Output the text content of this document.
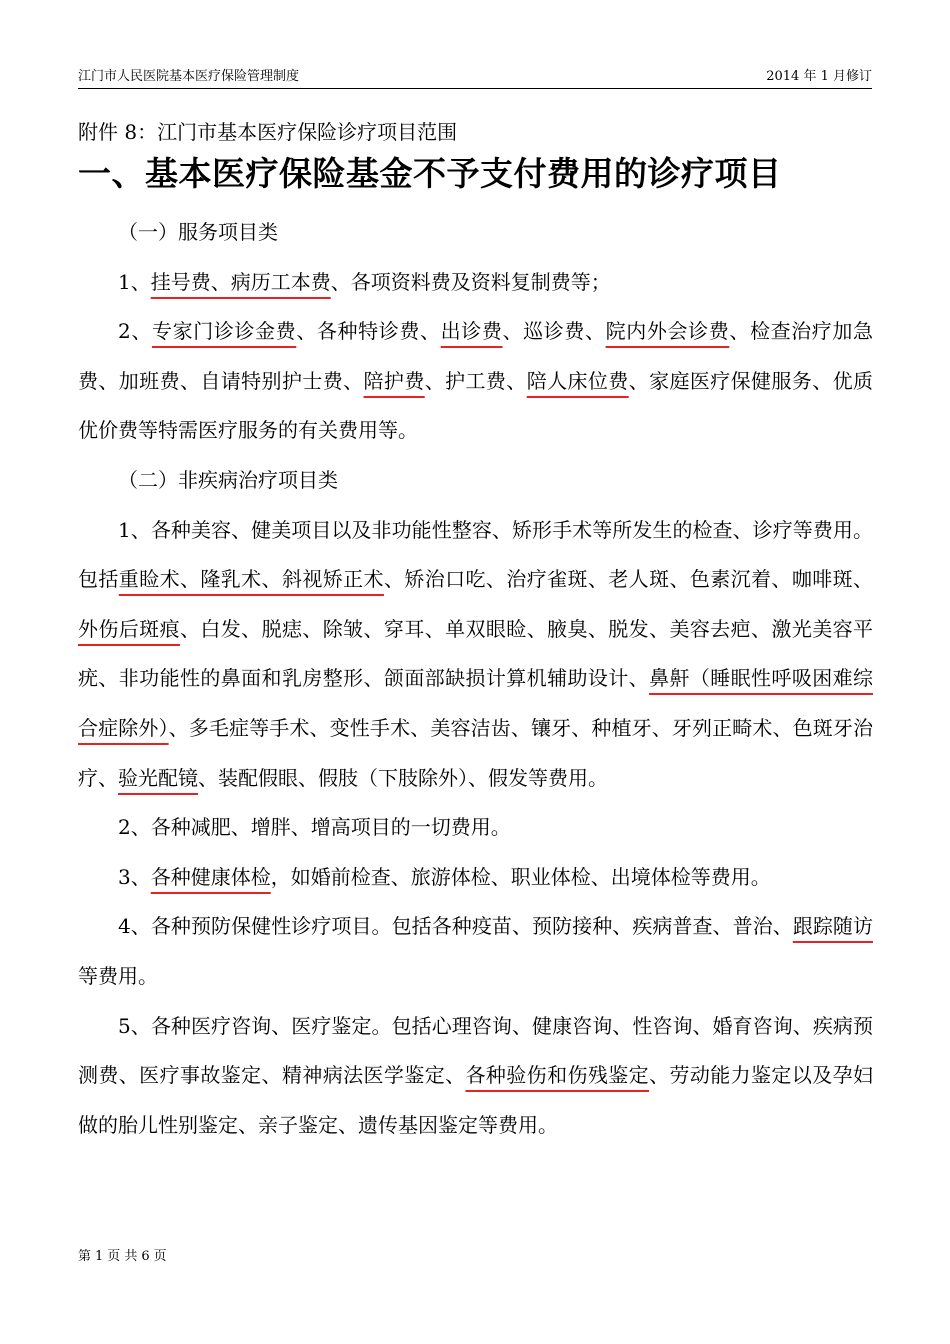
江门市人民医院基本医疗保险管理制度	2014 年 1 月修订
附件 8：江门市基本医疗保险诊疗项目范围
一、基本医疗保险基金不予支付费用的诊疗项目

（一）服务项目类

1、挂号费、病历工本费、各项资料费及资料复制费等；

2、专家门诊诊金费、各种特诊费、出诊费、巡诊费、院内外会诊费、检查治疗加急费、加班费、自请特别护士费、陪护费、护工费、陪人床位费、家庭医疗保健服务、优质优价费等特需医疗服务的有关费用等。

（二）非疾病治疗项目类

1、各种美容、健美项目以及非功能性整容、矫形手术等所发生的检查、诊疗等费用。包括重睑术、隆乳术、斜视矫正术、矫治口吃、治疗雀斑、老人斑、色素沉着、咖啡斑、外伤后斑痕、白发、脱痣、除皱、穿耳、单双眼睑、腋臭、脱发、美容去疤、激光美容平疣、非功能性的鼻面和乳房整形、颌面部缺损计算机辅助设计、鼻鼾（睡眠性呼吸困难综合症除外）、多毛症等手术、变性手术、美容洁齿、镶牙、种植牙、牙列正畸术、色斑牙治疗、验光配镜、装配假眼、假肢（下肢除外）、假发等费用。

2、各种减肥、增胖、增高项目的一切费用。

3、各种健康体检，如婚前检查、旅游体检、职业体检、出境体检等费用。

4、各种预防保健性诊疗项目。包括各种疫苗、预防接种、疾病普查、普治、跟踪随访等费用。

5、各种医疗咨询、医疗鉴定。包括心理咨询、健康咨询、性咨询、婚育咨询、疾病预测费、医疗事故鉴定、精神病法医学鉴定、各种验伤和伤残鉴定、劳动能力鉴定以及孕妇做的胎儿性别鉴定、亲子鉴定、遗传基因鉴定等费用。

第 1 页 共 6 页
